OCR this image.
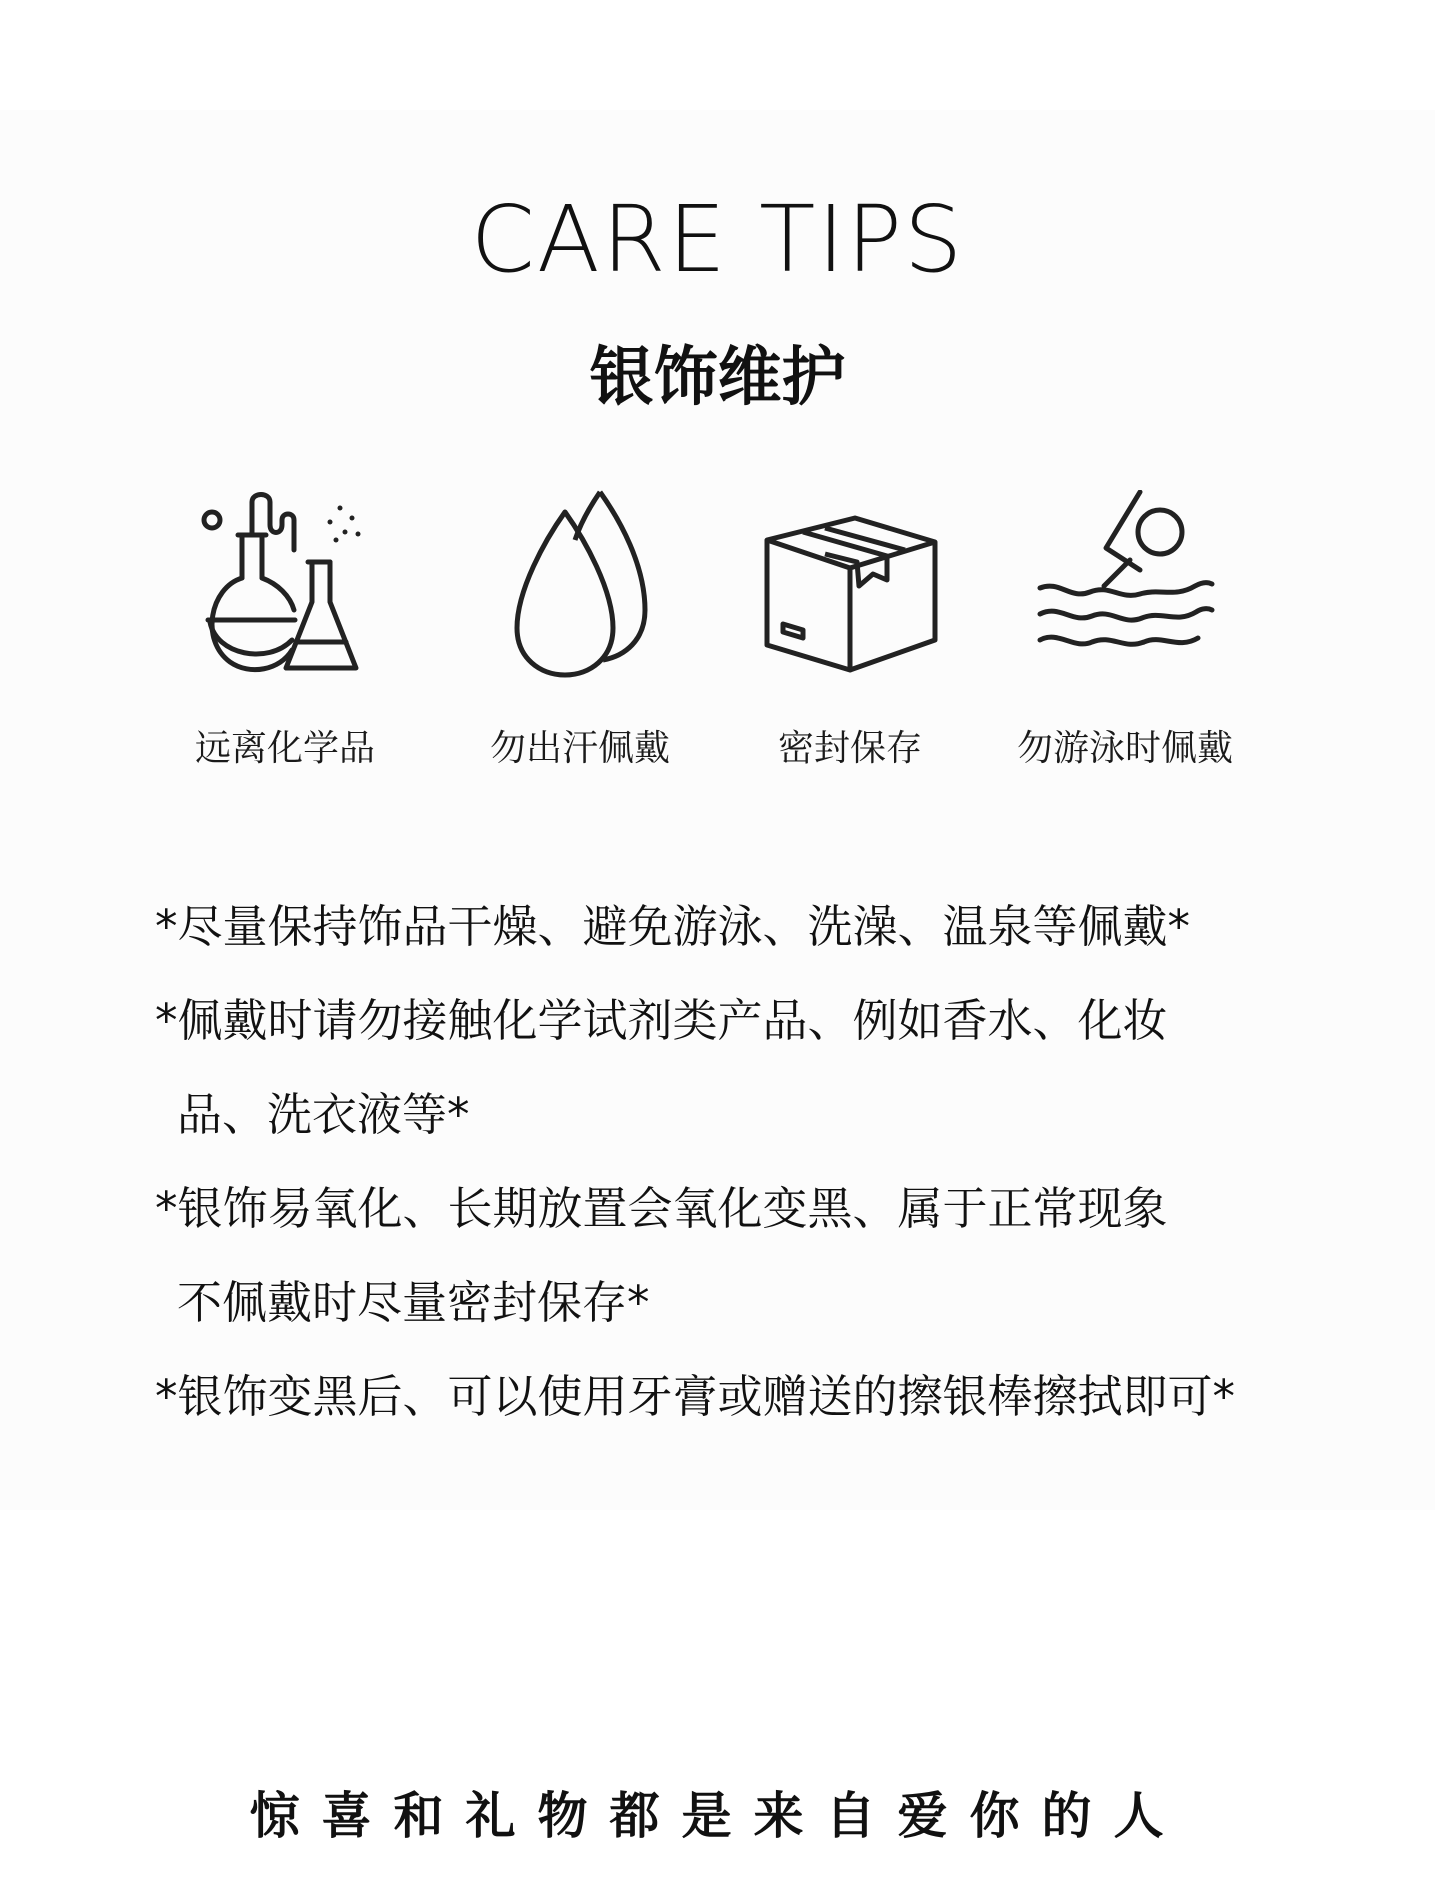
CARE TIPS
银饰维护
远离化学品	勿出汗佩戴	密封保存	勿游泳时佩戴
*尽量保持饰品干燥、避免游泳、洗澡、温泉等佩戴*
*佩戴时请勿接触化学试剂类产品、例如香水、化妆
品、洗衣液等*
*银饰易氧化、长期放置会氧化变黑、属于正常现象
不佩戴时尽量密封保存*
*银饰变黑后、可以使用牙膏或赠送的擦银棒擦拭即可*
惊喜和礼物都是来自爱你的人
